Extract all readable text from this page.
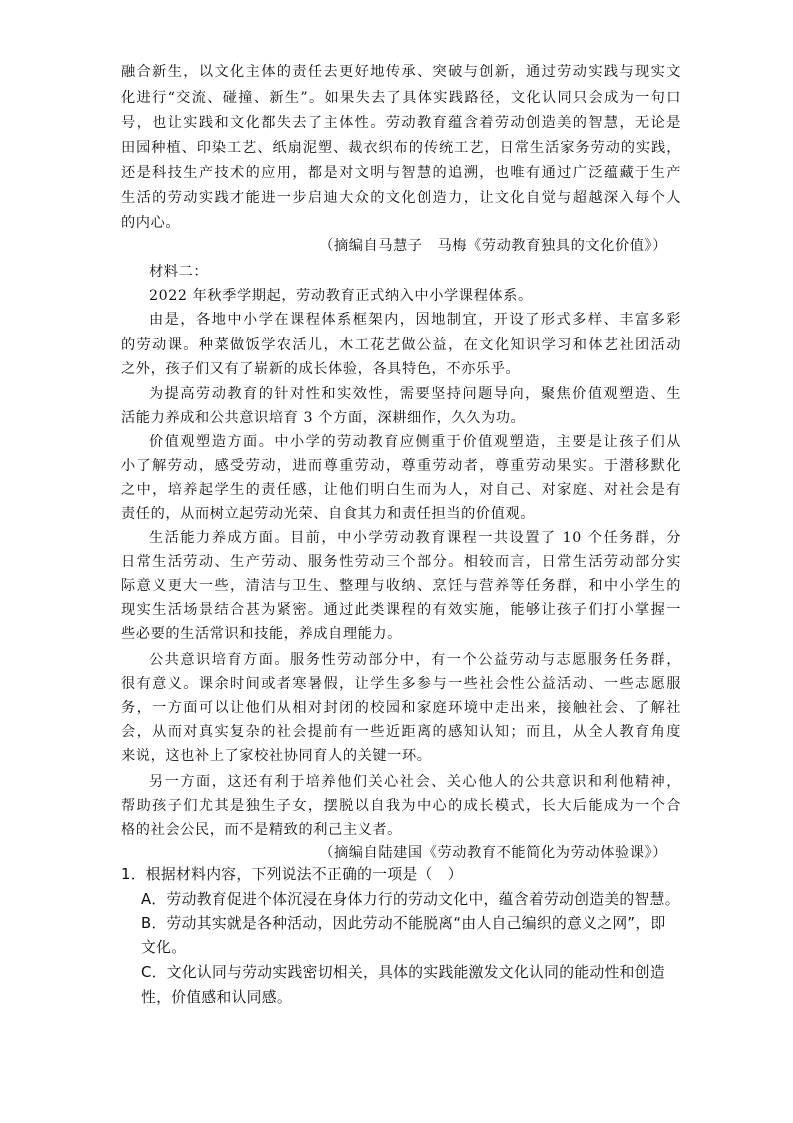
融合新生，以文化主体的责任去更好地传承、突破与创新，通过劳动实践与现实文
化进行“交流、碰撞、新生”。如果失去了具体实践路径，文化认同只会成为一句口
号，也让实践和文化都失去了主体性。劳动教育蕴含着劳动创造美的智慧，无论是
田园种植、印染工艺、纸扇泥塑、裁衣织布的传统工艺，日常生活家务劳动的实践，
还是科技生产技术的应用，都是对文明与智慧的追溯，也唯有通过广泛蕴藏于生产
生活的劳动实践才能进一步启迪大众的文化创造力，让文化自觉与超越深入每个人
的内心。
（摘编自马慧子　马梅《劳动教育独具的文化价值》）
材料二：
2022 年秋季学期起，劳动教育正式纳入中小学课程体系。
由是，各地中小学在课程体系框架内，因地制宜，开设了形式多样、丰富多彩
的劳动课。种菜做饭学农活儿，木工花艺做公益，在文化知识学习和体艺社团活动
之外，孩子们又有了崭新的成长体验，各具特色，不亦乐乎。
为提高劳动教育的针对性和实效性，需要坚持问题导向，聚焦价值观塑造、生
活能力养成和公共意识培育 3 个方面，深耕细作，久久为功。
价值观塑造方面。中小学的劳动教育应侧重于价值观塑造，主要是让孩子们从
小了解劳动，感受劳动，进而尊重劳动，尊重劳动者，尊重劳动果实。于潜移默化
之中，培养起学生的责任感，让他们明白生而为人，对自己、对家庭、对社会是有
责任的，从而树立起劳动光荣、自食其力和责任担当的价值观。
生活能力养成方面。目前，中小学劳动教育课程一共设置了 10 个任务群，分
日常生活劳动、生产劳动、服务性劳动三个部分。相较而言，日常生活劳动部分实
际意义更大一些，清洁与卫生、整理与收纳、烹饪与营养等任务群，和中小学生的
现实生活场景结合甚为紧密。通过此类课程的有效实施，能够让孩子们打小掌握一
些必要的生活常识和技能，养成自理能力。
公共意识培育方面。服务性劳动部分中，有一个公益劳动与志愿服务任务群，
很有意义。课余时间或者寒暑假，让学生多参与一些社会性公益活动、一些志愿服
务，一方面可以让他们从相对封闭的校园和家庭环境中走出来，接触社会、了解社
会，从而对真实复杂的社会提前有一些近距离的感知认知；而且，从全人教育角度
来说，这也补上了家校社协同育人的关键一环。
另一方面，这还有利于培养他们关心社会、关心他人的公共意识和利他精神，
帮助孩子们尤其是独生子女，摆脱以自我为中心的成长模式，长大后能成为一个合
格的社会公民，而不是精致的利己主义者。
（摘编自陆建国《劳动教育不能简化为劳动体验课》）
1．根据材料内容，下列说法不正确的一项是（　）
A．劳动教育促进个体沉浸在身体力行的劳动文化中，蕴含着劳动创造美的智慧。
B．劳动其实就是各种活动，因此劳动不能脱离“由人自己编织的意义之网”，即
文化。
C．文化认同与劳动实践密切相关，具体的实践能激发文化认同的能动性和创造
性，价值感和认同感。
